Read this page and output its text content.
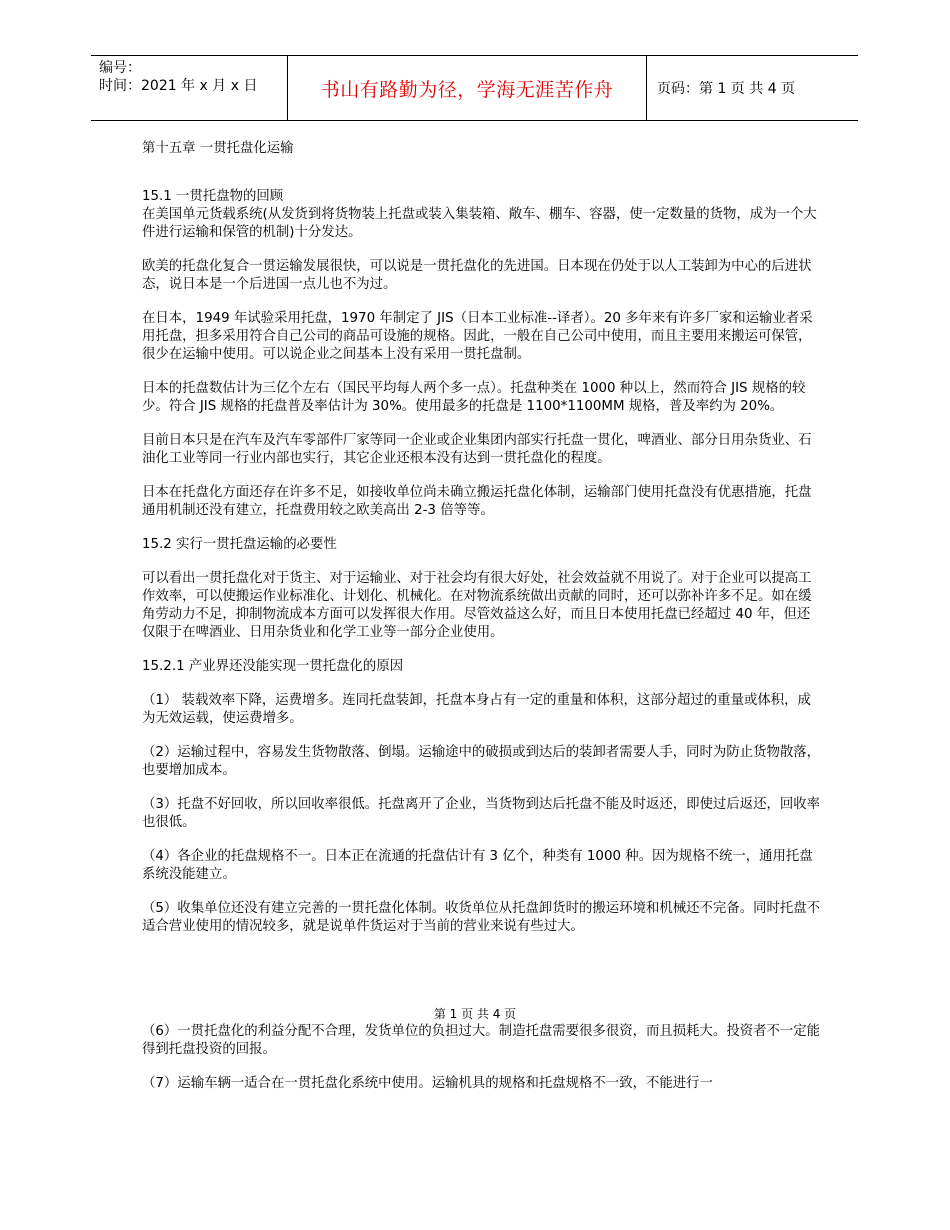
编号：
时间：2021 年 x 月 x 日	书山有路勤为径，学海无涯苦作舟	页码：第 1 页 共 4 页

第十五章 一贯托盘化运输

15.1 一贯托盘物的回顾

在美国单元货载系统(从发货到将货物装上托盘或装入集装箱、敞车、棚车、容器，使一定数量的货物，成为一个大件进行运输和保管的机制)十分发达。

欧美的托盘化复合一贯运输发展很快，可以说是一贯托盘化的先进国。日本现在仍处于以人工装卸为中心的后进状态，说日本是一个后进国一点儿也不为过。

在日本，1949 年试验采用托盘，1970 年制定了 JIS（日本工业标准--译者）。20 多年来有许多厂家和运输业者采用托盘，担多采用符合自己公司的商品可设施的规格。因此，一般在自己公司中使用，而且主要用来搬运可保管，很少在运输中使用。可以说企业之间基本上没有采用一贯托盘制。

日本的托盘数估计为三亿个左右（国民平均每人两个多一点）。托盘种类在 1000 种以上，然而符合 JIS 规格的较少。符合 JIS 规格的托盘普及率估计为 30%。使用最多的托盘是 1100*1100MM 规格，普及率约为 20%。

目前日本只是在汽车及汽车零部件厂家等同一企业或企业集团内部实行托盘一贯化，啤酒业、部分日用杂货业、石油化工业等同一行业内部也实行，其它企业还根本没有达到一贯托盘化的程度。

日本在托盘化方面还存在许多不足，如接收单位尚未确立搬运托盘化体制，运输部门使用托盘没有优惠措施，托盘通用机制还没有建立，托盘费用较之欧美高出 2-3 倍等等。

15.2 实行一贯托盘运输的必要性

可以看出一贯托盘化对于货主、对于运输业、对于社会均有很大好处，社会效益就不用说了。对于企业可以提高工作效率，可以使搬运作业标准化、计划化、机械化。在对物流系统做出贡献的同时，还可以弥补许多不足。如在缓角劳动力不足，抑制物流成本方面可以发挥很大作用。尽管效益这么好，而且日本使用托盘已经超过 40 年，但还仅限于在啤酒业、日用杂货业和化学工业等一部分企业使用。

15.2.1 产业界还没能实现一贯托盘化的原因

（1） 装载效率下降，运费增多。连同托盘装卸，托盘本身占有一定的重量和体积，这部分超过的重量或体积，成为无效运载，使运费增多。

（2）运输过程中，容易发生货物散落、倒塌。运输途中的破损或到达后的装卸者需要人手，同时为防止货物散落，也要增加成本。

（3）托盘不好回收，所以回收率很低。托盘离开了企业，当货物到达后托盘不能及时返还，即使过后返还，回收率也很低。

（4）各企业的托盘规格不一。日本正在流通的托盘估计有 3 亿个，种类有 1000 种。因为规格不统一，通用托盘系统没能建立。

（5）收集单位还没有建立完善的一贯托盘化体制。收货单位从托盘卸货时的搬运环境和机械还不完备。同时托盘不适合营业使用的情况较多，就是说单件货运对于当前的营业来说有些过大。

第 1 页 共 4 页

（6）一贯托盘化的利益分配不合理，发货单位的负担过大。制造托盘需要很多很资，而且损耗大。投资者不一定能得到托盘投资的回报。

（7）运输车辆一适合在一贯托盘化系统中使用。运输机具的规格和托盘规格不一致，不能进行一
